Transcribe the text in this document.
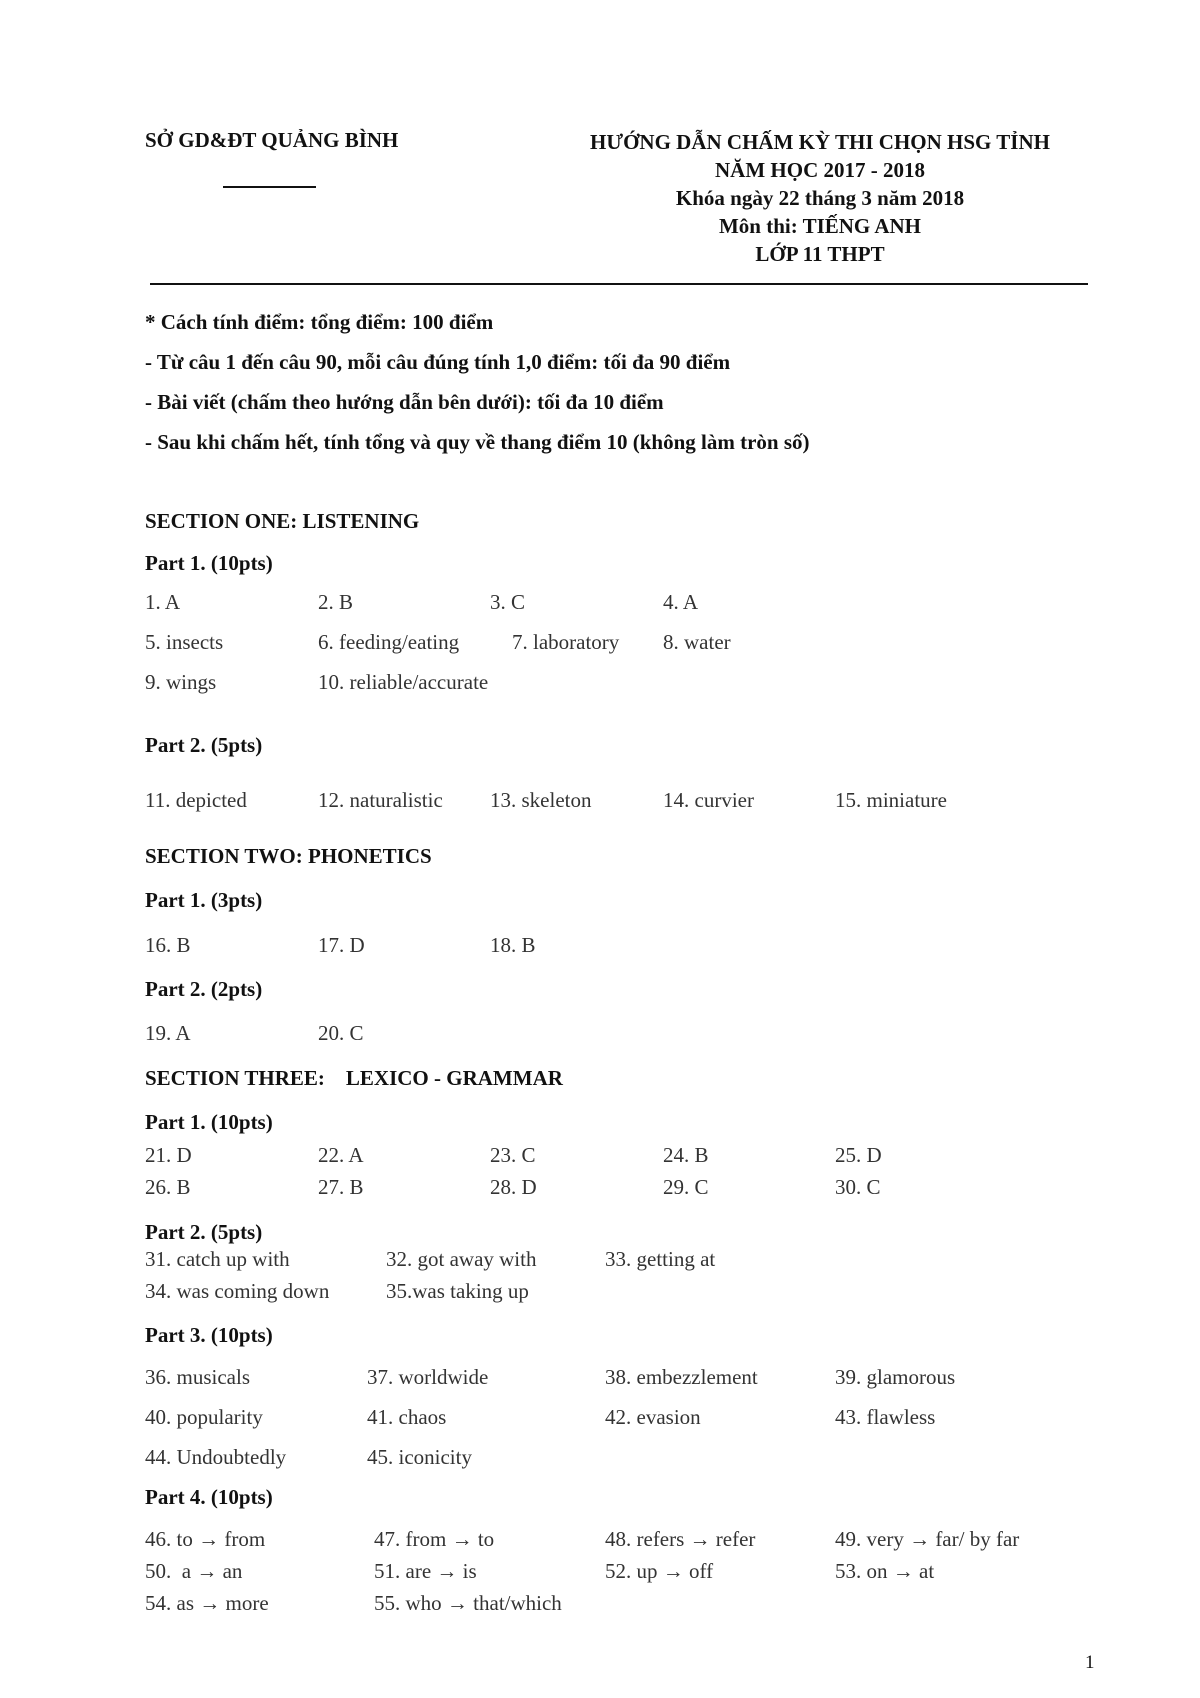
SỞ GD&ĐT QUẢNG BÌNH	HƯỚNG DẪN CHẤM KỲ THI CHỌN HSG TỈNH
NĂM HỌC 2017 - 2018
Khóa ngày 22 tháng 3 năm 2018
Môn thi: TIẾNG ANH
LỚP 11 THPT
* Cách tính điểm: tổng điểm: 100 điểm
- Từ câu 1 đến câu 90, mỗi câu đúng tính 1,0 điểm: tối đa 90 điểm
- Bài viết (chấm theo hướng dẫn bên dưới): tối đa 10 điểm
- Sau khi chấm hết, tính tổng và quy về thang điểm 10 (không làm tròn số)
SECTION ONE: LISTENING
Part 1. (10pts)
1. A	2. B	3. C	4. A
5. insects	6. feeding/eating	7. laboratory 8. water
9. wings	10. reliable/accurate
Part 2. (5pts)
11. depicted	12. naturalistic 13. skeleton	14. curvier	15. miniature
SECTION TWO: PHONETICS
Part 1. (3pts)
16. B	17. D	18. B
Part 2. (2pts)
19. A	20. C
SECTION THREE:    LEXICO - GRAMMAR
Part 1. (10pts)
21. D	22. A	23. C	24. B	25. D
26. B	27. B	28. D	29. C	30. C
Part 2. (5pts)
31. catch up with	32. got away with	33. getting at
34. was coming down	35.was taking up
Part 3. (10pts)
36. musicals	37. worldwide	38. embezzlement	39. glamorous
40. popularity	41. chaos	42. evasion	43. flawless
44. Undoubtedly	45. iconicity
Part 4. (10pts)
46. to → from	47. from → to	48. refers → refer	49. very → far/ by far
50.  a → an	51. are → is	52. up → off	53. on → at
54. as → more	55. who → that/which
1
